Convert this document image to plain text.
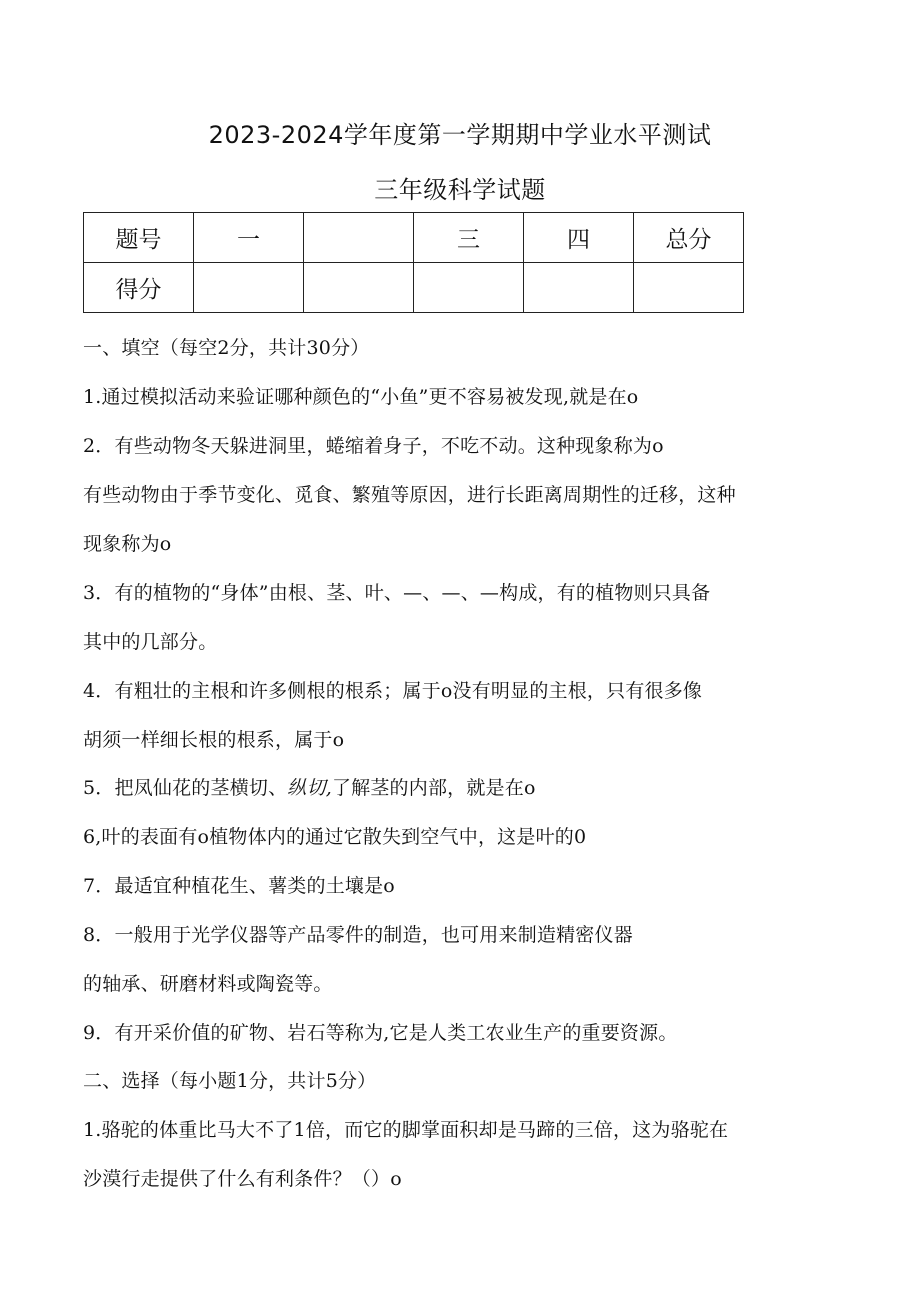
2023-2024学年度第一学期期中学业水平测试
三年级科学试题
题号	一		三	四	总分
得分					
一、填空（每空2分，共计30分）
1.通过模拟活动来验证哪种颜色的“小鱼”更不容易被发现,就是在o
2．有些动物冬天躲进洞里，蜷缩着身子，不吃不动。这种现象称为o
有些动物由于季节变化、觅食、繁殖等原因，进行长距离周期性的迁移，这种
现象称为o
3．有的植物的“身体”由根、茎、叶、—、—、—构成，有的植物则只具备
其中的几部分。
4．有粗壮的主根和许多侧根的根系；属于o没有明显的主根，只有很多像
胡须一样细长根的根系，属于o
5．把凤仙花的茎横切、纵切,了解茎的内部，就是在o
6,叶的表面有o植物体内的通过它散失到空气中，这是叶的0
7．最适宜种植花生、薯类的土壤是o
8．一般用于光学仪器等产品零件的制造，也可用来制造精密仪器
的轴承、研磨材料或陶瓷等。
9．有开采价值的矿物、岩石等称为,它是人类工农业生产的重要资源。
二、选择（每小题1分，共计5分）
1.骆驼的体重比马大不了1倍，而它的脚掌面积却是马蹄的三倍，这为骆驼在
沙漠行走提供了什么有利条件？（）o
